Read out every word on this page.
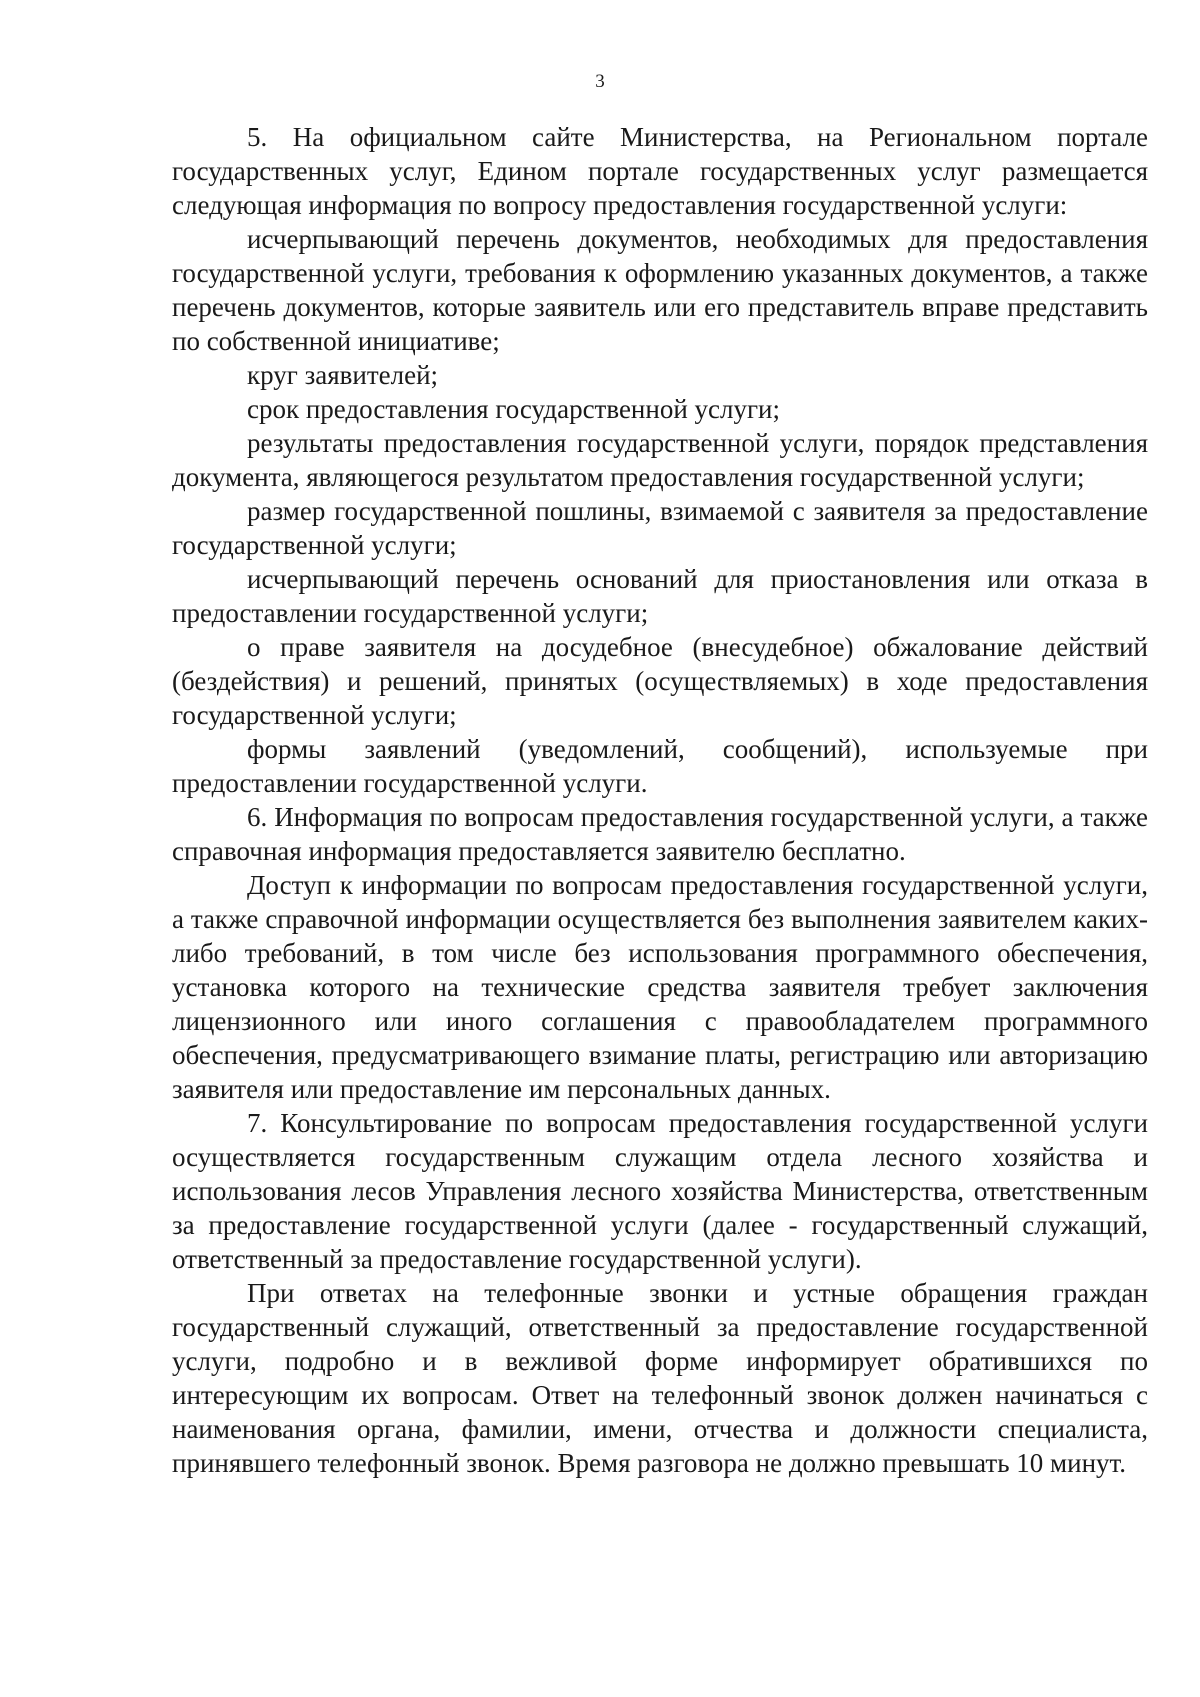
3

5. На официальном сайте Министерства, на Региональном портале государственных услуг, Едином портале государственных услуг размещается следующая информация по вопросу предоставления государственной услуги:

исчерпывающий перечень документов, необходимых для предоставления государственной услуги, требования к оформлению указанных документов, а также перечень документов, которые заявитель или его представитель вправе представить по собственной инициативе;

круг заявителей;

срок предоставления государственной услуги;

результаты предоставления государственной услуги, порядок представления документа, являющегося результатом предоставления государственной услуги;

размер государственной пошлины, взимаемой с заявителя за предоставление государственной услуги;

исчерпывающий перечень оснований для приостановления или отказа в предоставлении государственной услуги;

о праве заявителя на досудебное (внесудебное) обжалование действий (бездействия) и решений, принятых (осуществляемых) в ходе предоставления государственной услуги;

формы заявлений (уведомлений, сообщений), используемые при предоставлении государственной услуги.

6. Информация по вопросам предоставления государственной услуги, а также справочная информация предоставляется заявителю бесплатно.

Доступ к информации по вопросам предоставления государственной услуги, а также справочной информации осуществляется без выполнения заявителем каких-либо требований, в том числе без использования программного обеспечения, установка которого на технические средства заявителя требует заключения лицензионного или иного соглашения с правообладателем программного обеспечения, предусматривающего взимание платы, регистрацию или авторизацию заявителя или предоставление им персональных данных.

7. Консультирование по вопросам предоставления государственной услуги осуществляется государственным служащим отдела лесного хозяйства и использования лесов Управления лесного хозяйства Министерства, ответственным за предоставление государственной услуги (далее - государственный служащий, ответственный за предоставление государственной услуги).

При ответах на телефонные звонки и устные обращения граждан государственный служащий, ответственный за предоставление государственной услуги, подробно и в вежливой форме информирует обратившихся по интересующим их вопросам. Ответ на телефонный звонок должен начинаться с наименования органа, фамилии, имени, отчества и должности специалиста, принявшего телефонный звонок. Время разговора не должно превышать 10 минут.
